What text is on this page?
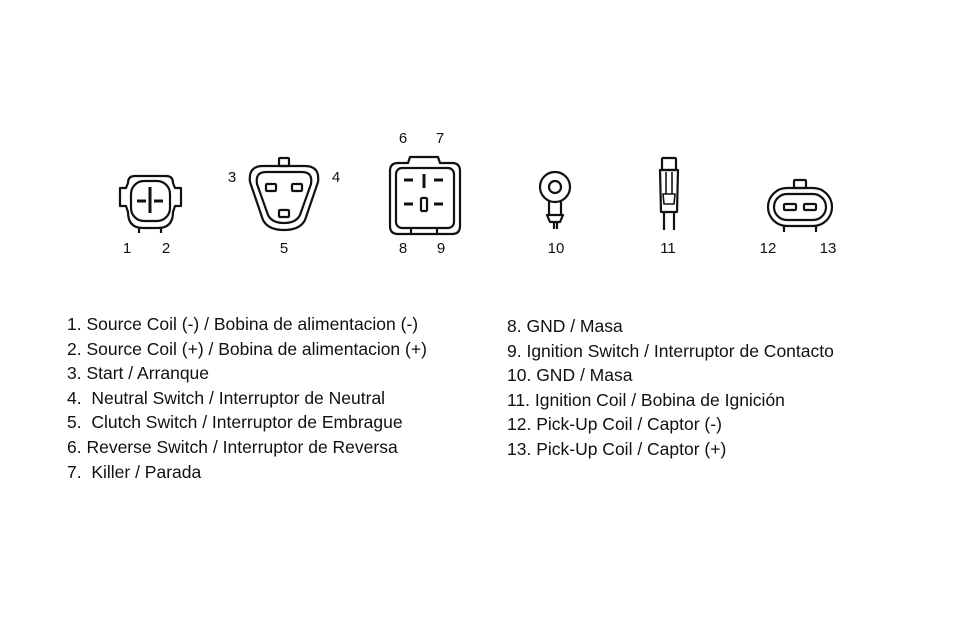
1 2
3	4
5
6 7
8 9	10	11	12	13
1. Source Coil (-) / Bobina de alimentacion (-)
2. Source Coil (+) / Bobina de alimentacion (+)
3. Start / Arranque
4.  Neutral Switch / Interruptor de Neutral
5.  Clutch Switch / Interruptor de Embrague
6. Reverse Switch / Interruptor de Reversa
7.  Killer / Parada
8. GND / Masa
9. Ignition Switch / Interruptor de Contacto
10. GND / Masa
11. Ignition Coil / Bobina de Ignición
12. Pick-Up Coil / Captor (-)
13. Pick-Up Coil / Captor (+)
